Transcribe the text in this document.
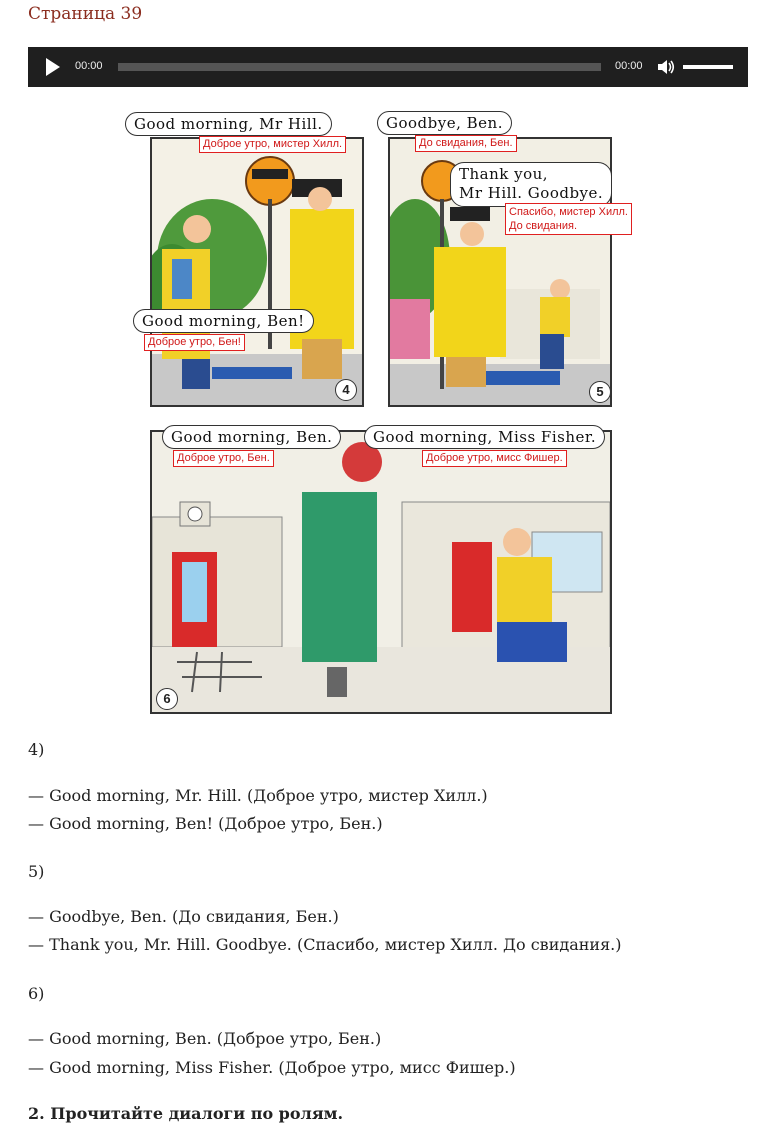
Страница 39
00:00	00:00
4
Good morning, Mr Hill.
Доброе утро, мистер Хилл.
Good morning, Ben!
Доброе утро, Бен!
5
Goodbye, Ben.
До свидания, Бен.
Thank you,
Mr Hill. Goodbye.
Спасибо, мистер Хилл.
До свидания.
6
Good morning, Ben.
Доброе утро, Бен.
Good morning, Miss Fisher.
Доброе утро, мисс Фишер.
4)
— Good morning, Mr. Hill. (Доброе утро, мистер Хилл.)
— Good morning, Ben! (Доброе утро, Бен.)
5)
— Goodbye, Ben. (До свидания, Бен.)
— Thank you, Mr. Hill. Goodbye. (Спасибо, мистер Хилл. До свидания.)
6)
— Good morning, Ben. (Доброе утро, Бен.)
— Good morning, Miss Fisher. (Доброе утро, мисс Фишер.)
2. Прочитайте диалоги по ролям.
